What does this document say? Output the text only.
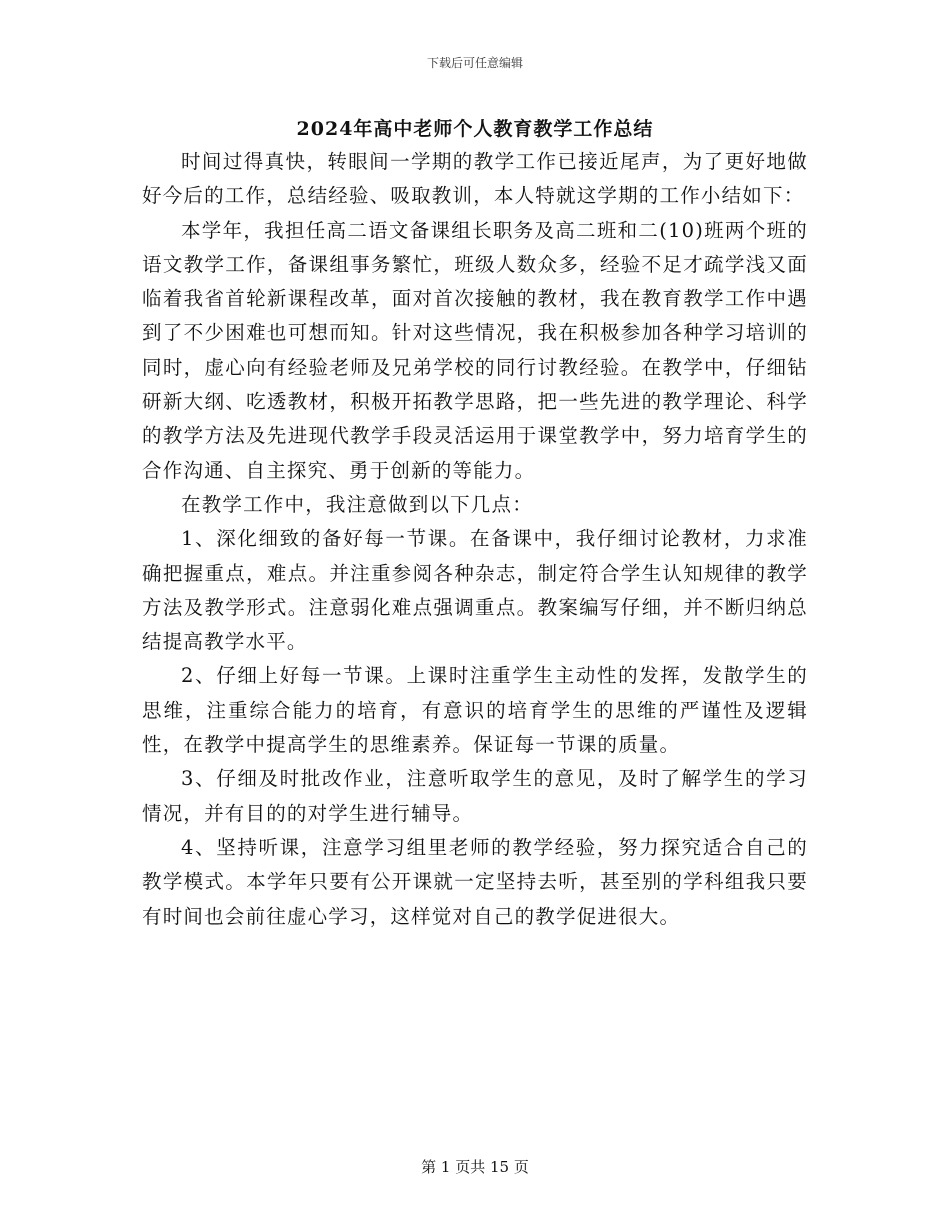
下载后可任意编辑
2024年高中老师个人教育教学工作总结

时间过得真快，转眼间一学期的教学工作已接近尾声，为了更好地做好今后的工作，总结经验、吸取教训，本人特就这学期的工作小结如下：

本学年，我担任高二语文备课组长职务及高二班和二(10)班两个班的语文教学工作，备课组事务繁忙，班级人数众多，经验不足才疏学浅又面临着我省首轮新课程改革，面对首次接触的教材，我在教育教学工作中遇到了不少困难也可想而知。针对这些情况，我在积极参加各种学习培训的同时，虚心向有经验老师及兄弟学校的同行讨教经验。在教学中，仔细钻研新大纲、吃透教材，积极开拓教学思路，把一些先进的教学理论、科学的教学方法及先进现代教学手段灵活运用于课堂教学中，努力培育学生的合作沟通、自主探究、勇于创新的等能力。

在教学工作中，我注意做到以下几点：

1、深化细致的备好每一节课。在备课中，我仔细讨论教材，力求准确把握重点，难点。并注重参阅各种杂志，制定符合学生认知规律的教学方法及教学形式。注意弱化难点强调重点。教案编写仔细，并不断归纳总结提高教学水平。

2、仔细上好每一节课。上课时注重学生主动性的发挥，发散学生的思维，注重综合能力的培育，有意识的培育学生的思维的严谨性及逻辑性，在教学中提高学生的思维素养。保证每一节课的质量。

3、仔细及时批改作业，注意听取学生的意见，及时了解学生的学习情况，并有目的的对学生进行辅导。

4、坚持听课，注意学习组里老师的教学经验，努力探究适合自己的教学模式。本学年只要有公开课就一定坚持去听，甚至别的学科组我只要有时间也会前往虚心学习，这样觉对自己的教学促进很大。

第 1 页共 15 页
